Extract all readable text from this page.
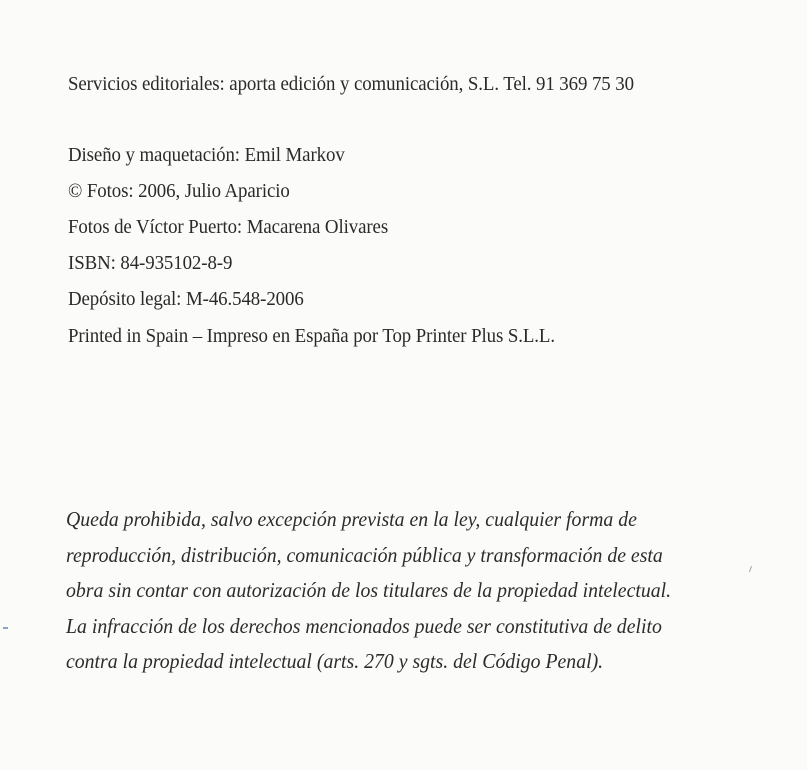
Servicios editoriales: aporta edición y comunicación, S.L. Tel. 91 369 75 30
Diseño y maquetación: Emil Markov
© Fotos: 2006, Julio Aparicio
Fotos de Víctor Puerto: Macarena Olivares
ISBN: 84-935102-8-9
Depósito legal: M-46.548-2006
Printed in Spain – Impreso en España por Top Printer Plus S.L.L.

Queda prohibida, salvo excepción prevista en la ley, cualquier forma de

reproducción, distribución, comunicación pública y transformación de esta

obra sin contar con autorización de los titulares de la propiedad intelectual.

La infracción de los derechos mencionados puede ser constitutiva de delito

contra la propiedad intelectual (arts. 270 y sgts. del Código Penal).
